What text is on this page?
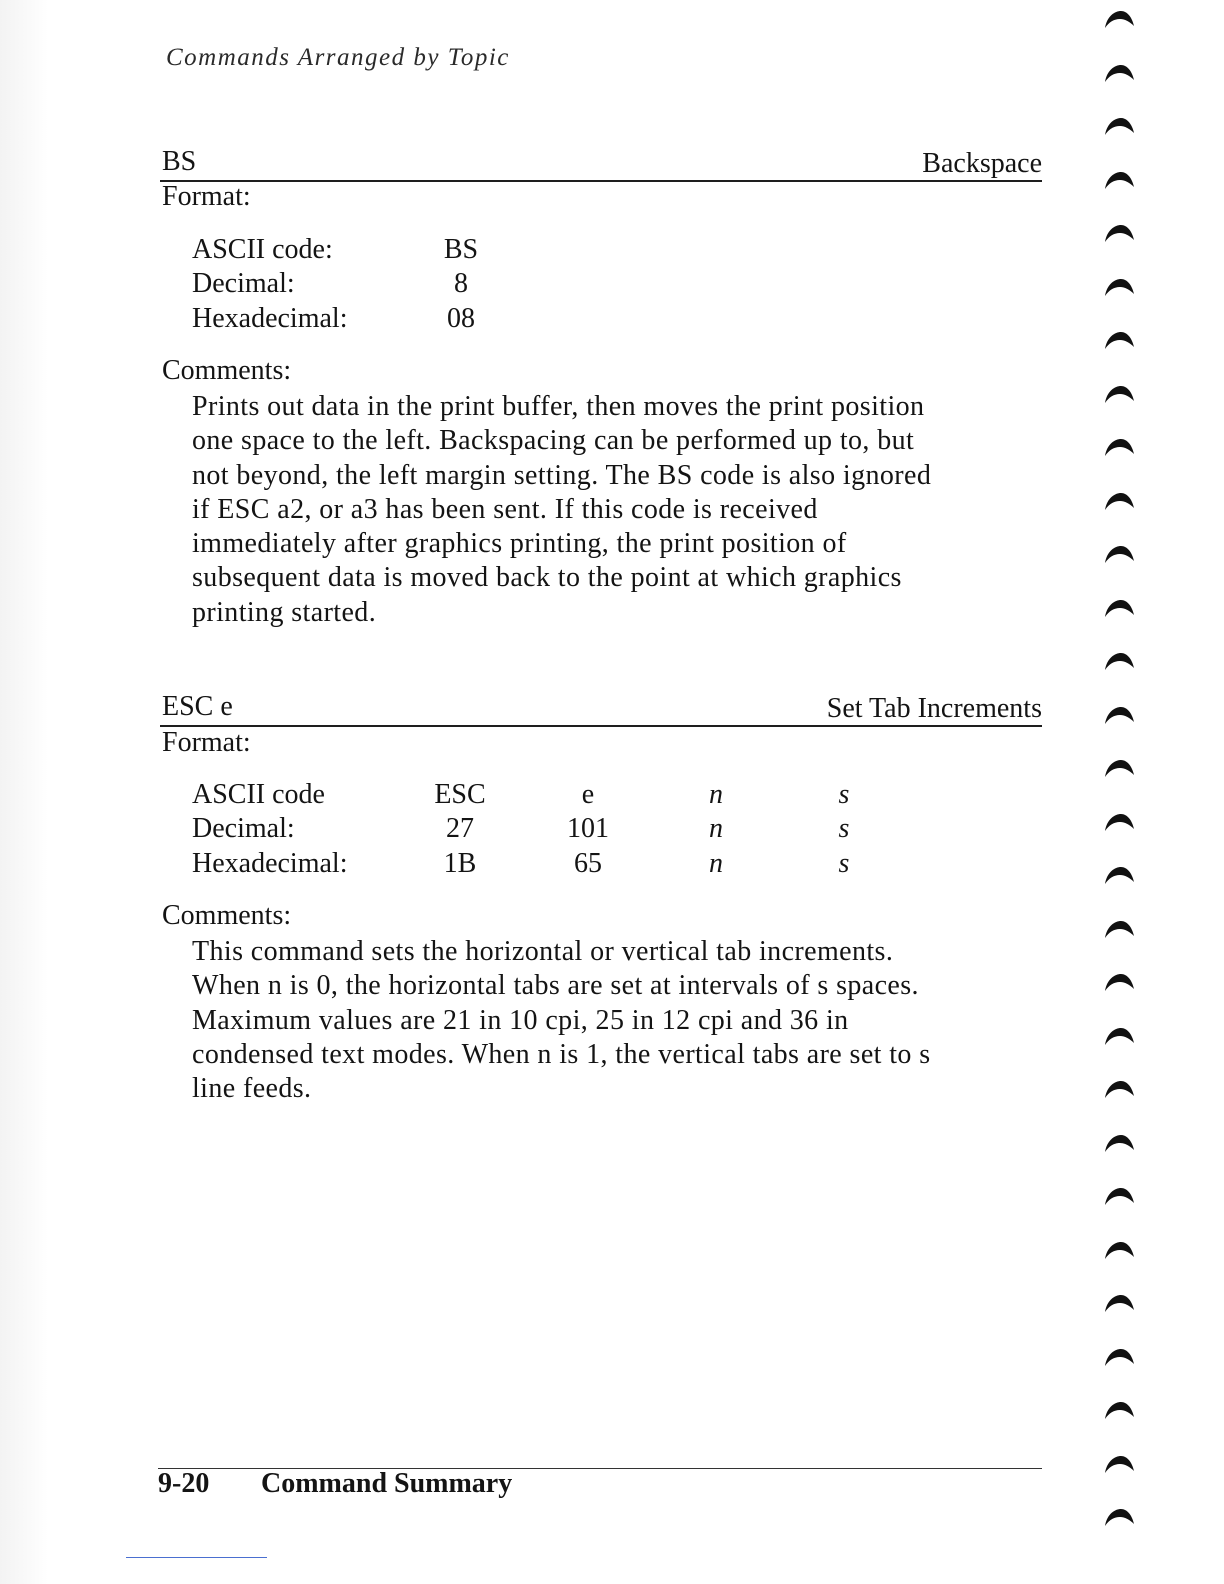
Commands Arranged by Topic
BS	Backspace
Format:
ASCII code:	BS
Decimal:	8
Hexadecimal:	08
Comments:
Prints out data in the print buffer, then moves the print position
one space to the left. Backspacing can be performed up to, but
not beyond, the left margin setting. The BS code is also ignored
if ESC a2, or a3 has been sent. If this code is received
immediately after graphics printing, the print position of
subsequent data is moved back to the point at which graphics
printing started.
ESC e	Set Tab Increments
Format:
ASCII code	ESC	e	n	s
Decimal:	27	101	n	s
Hexadecimal:	1B	65	n	s
Comments:
This command sets the horizontal or vertical tab increments.
When n is 0, the horizontal tabs are set at intervals of s spaces.
Maximum values are 21 in 10 cpi, 25 in 12 cpi and 36 in
condensed text modes. When n is 1, the vertical tabs are set to s
line feeds.
9-20 Command Summary
